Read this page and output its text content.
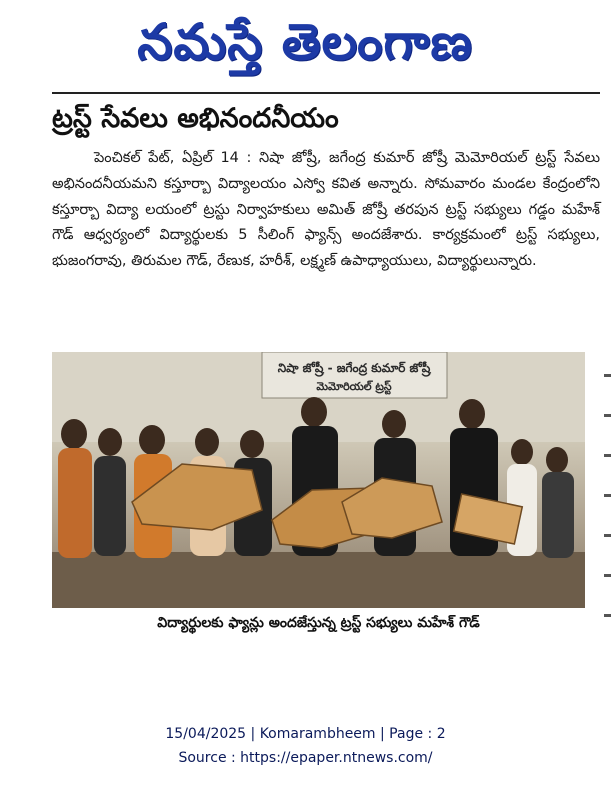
నమస్తే తెలంగాణ
ట్రస్ట్ సేవలు అభినందనీయం
పెంచికల్ పేట్, ఏప్రిల్ 14 : నిషా జోష్రీ, జగేంద్ర కుమార్ జోష్రీ మెమోరియల్ ట్రస్ట్ సేవలు అభినందనీయమని కస్తూర్బా విద్యాలయం ఎస్వో కవిత అన్నారు. సోమవారం మండల కేంద్రంలోని కస్తూర్బా విద్యా లయంలో ట్రస్టు నిర్వాహకులు అమిత్ జోష్రీ తరపున ట్రస్ట్ సభ్యులు గడ్డం మహేశ్ గౌడ్ ఆధ్వర్యంలో విద్యార్థులకు 5 సీలింగ్ ఫ్యాన్స్ అందజేశారు. కార్యక్రమంలో ట్రస్ట్ సభ్యులు, భుజంగరావు, తిరుమల గౌడ్, రేణుక, హరీశ్, లక్ష్మణ్ ఉపాధ్యాయులు, విద్యార్థులున్నారు.
నిషా జోష్రీ - జగేంద్ర కుమార్ జోష్రీ
మెమోరియల్ ట్రస్ట్
విద్యార్థులకు ఫ్యాన్లు అందజేస్తున్న ట్రస్ట్ సభ్యులు మహేశ్ గౌడ్
15/04/2025 | Komarambheem | Page : 2
Source : https://epaper.ntnews.com/
